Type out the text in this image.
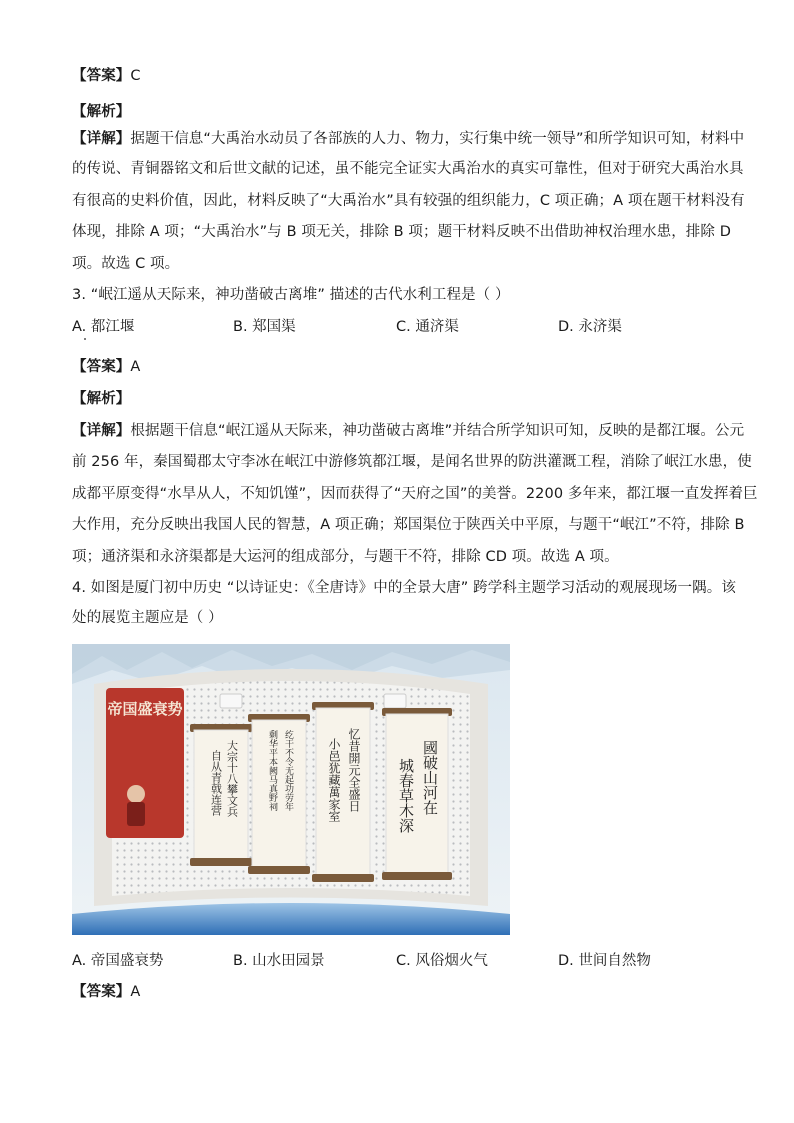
【答案】C
【解析】
【详解】据题干信息“大禹治水动员了各部族的人力、物力，实行集中统一领导”和所学知识可知，材料中
的传说、青铜器铭文和后世文献的记述，虽不能完全证实大禹治水的真实可靠性，但对于研究大禹治水具
有很高的史料价值，因此，材料反映了“大禹治水”具有较强的组织能力，C 项正确；A 项在题干材料没有
体现，排除 A 项；“大禹治水”与 B 项无关，排除 B 项；题干材料反映不出借助神权治理水患，排除 D
项。故选 C 项。
3. “岷江遥从天际来，神功凿破古离堆” 描述的古代水利工程是（ ）
A. 都江堰	B. 郑国渠	C. 通济渠	D. 永济渠
【答案】A
【解析】
【详解】根据题干信息“岷江遥从天际来，神功凿破古离堆”并结合所学知识可知，反映的是都江堰。公元
前 256 年，秦国蜀郡太守李冰在岷江中游修筑都江堰，是闻名世界的防洪灌溉工程，消除了岷江水患，使
成都平原变得“水旱从人，不知饥馑”，因而获得了“天府之国”的美誉。2200 多年来，都江堰一直发挥着巨
大作用，充分反映出我国人民的智慧，A 项正确；郑国渠位于陕西关中平原，与题干“岷江”不符，排除 B
项；通济渠和永济渠都是大运河的组成部分，与题干不符，排除 CD 项。故选 A 项。
4. 如图是厦门初中历史 “以诗证史：《全唐诗》中的全景大唐” 跨学科主题学习活动的观展现场一隅。该
处的展览主题应是（ ）
帝国盛衰势
大宗十八攀文兵
自从青戟连营	纥干不令无起功劳年
剩华平本阙马真野祠	忆昔開元全盛日
小邑犹藏萬家室	國破山河在
城春草木深
A. 帝国盛衰势	B. 山水田园景	C. 风俗烟火气	D. 世间自然物
【答案】A
